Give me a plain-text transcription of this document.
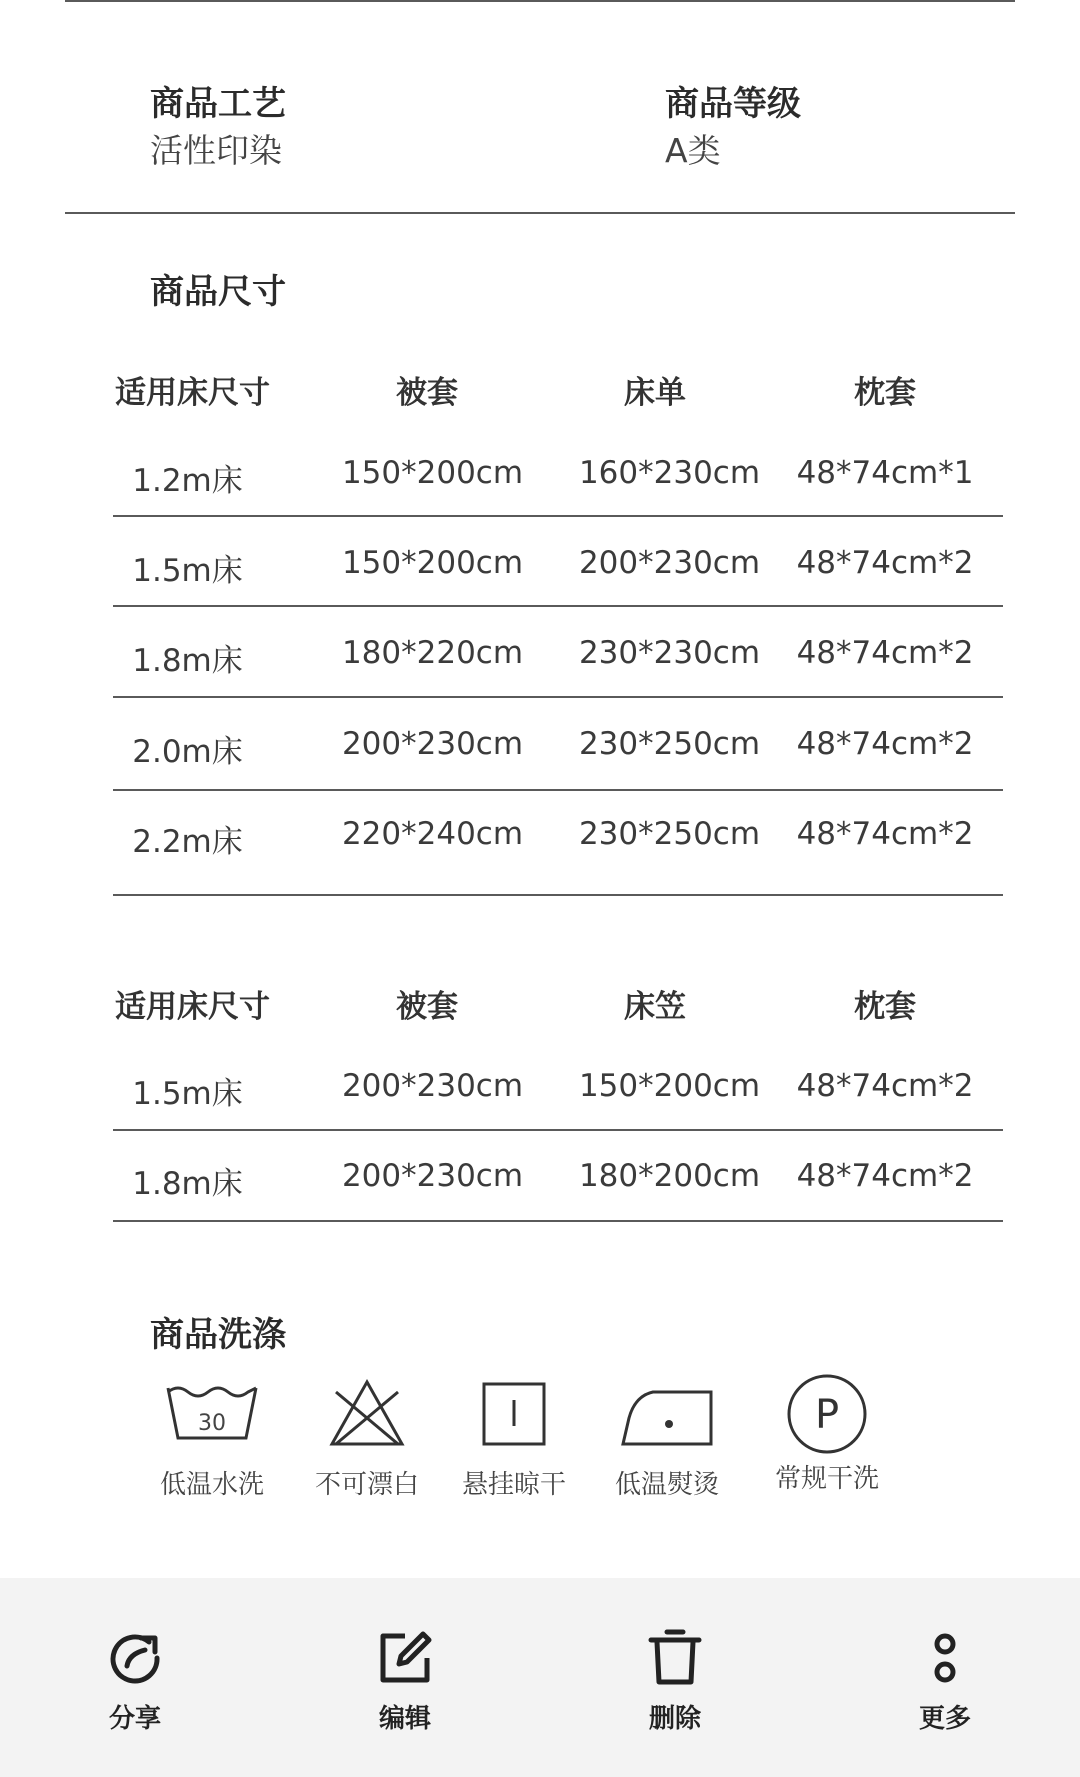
商品工艺
活性印染
商品等级
A类
商品尺寸
适用床尺寸	被套	床单	枕套
1.2m床	150*200cm 160*230cm 48*74cm*1
1.5m床	150*200cm 200*230cm 48*74cm*2
1.8m床	180*220cm 230*230cm 48*74cm*2
2.0m床	200*230cm 230*250cm 48*74cm*2
2.2m床	220*240cm 230*250cm 48*74cm*2
适用床尺寸	被套	床笠	枕套
1.5m床	200*230cm 150*200cm 48*74cm*2
1.8m床	200*230cm 180*200cm 48*74cm*2
商品洗涤
30
低温水洗	不可漂白	悬挂晾干	低温熨烫
P
常规干洗
分享	编辑	删除	更多
